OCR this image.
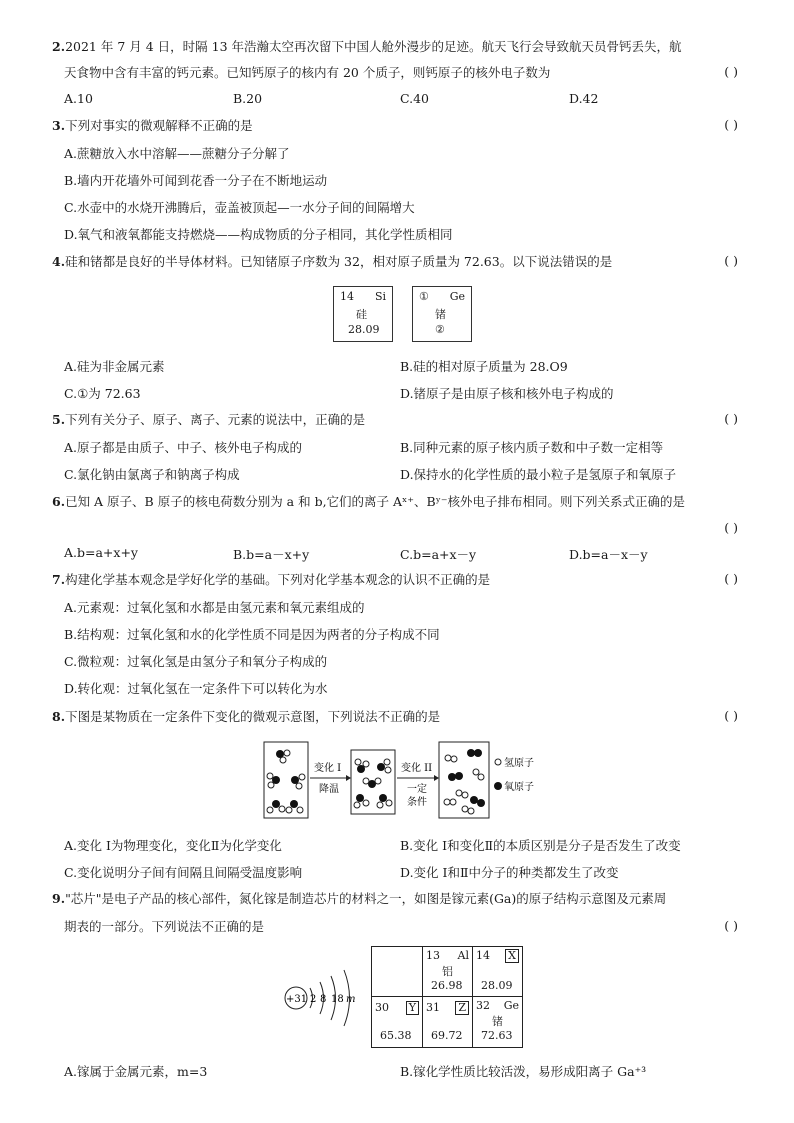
2.2021 年 7 月 4 日，时隔 13 年浩瀚太空再次留下中国人舱外漫步的足迹。航天飞行会导致航天员骨钙丢失，航
天食物中含有丰富的钙元素。已知钙原子的核内有 20 个质子，则钙原子的核外电子数为	( )
A.10	B.20	C.40	D.42
3.下列对事实的微观解释不正确的是	( )
A.蔗糖放入水中溶解——蔗糖分子分解了
B.墙内开花墙外可闻到花香一分子在不断地运动
C.水壶中的水烧开沸腾后，壶盖被顶起—一水分子间的间隔增大
D.氧气和液氧都能支持燃烧——构成物质的分子相同，其化学性质相同
4.硅和锗都是良好的半导体材料。已知锗原子序数为 32，相对原子质量为 72.63。以下说法错误的是	( )
14 Si
硅
28.09
① Ge
锗
②
A.硅为非金属元素	B.硅的相对原子质量为 28.O9
C.①为 72.63	D.锗原子是由原子核和核外电子构成的
5.下列有关分子、原子、离子、元素的说法中，正确的是	( )
A.原子都是由质子、中子、核外电子构成的	B.同种元素的原子核内质子数和中子数一定相等
C.氯化钠由氯离子和钠离子构成	D.保持水的化学性质的最小粒子是氢原子和氧原子
6.已知 A 原子、B 原子的核电荷数分别为 a 和 b,它们的离子 Aˣ⁺、Bʸ⁻核外电子排布相同。则下列关系式正确的是
( )
A.b=a+x+y	B.b=a－x+y	C.b=a+x－y	D.b=a－x－y
7.构建化学基本观念是学好化学的基础。下列对化学基本观念的认识不正确的是	( )
A.元素观：过氧化氢和水都是由氢元素和氧元素组成的
B.结构观：过氧化氢和水的化学性质不同是因为两者的分子构成不同
C.微粒观：过氧化氢是由氢分子和氧分子构成的
D.转化观：过氧化氢在一定条件下可以转化为水
8.下图是某物质在一定条件下变化的微观示意图，下列说法不正确的是	( )
变化 I
降温
变化 II
一定
条件
氢原子
氧原子
A.变化 I为物理变化，变化Ⅱ为化学变化	B.变化 I和变化Ⅱ的本质区别是分子是否发生了改变
C.变化说明分子间有间隔且间隔受温度影响	D.变化 I和Ⅱ中分子的种类都发生了改变
9."芯片"是电子产品的核心部件，氮化镓是制造芯片的材料之一，如图是镓元素(Ga)的原子结构示意图及元素周
期表的一部分。下列说法不正确的是	( )
+31 2 8 18 m
13 Al
铝
26.98
14 X
28.09
30 Y
65.38
31 Z
69.72
32 Ge
锗
72.63
A.镓属于金属元素，m=3	B.镓化学性质比较活泼，易形成阳离子 Ga⁺³
